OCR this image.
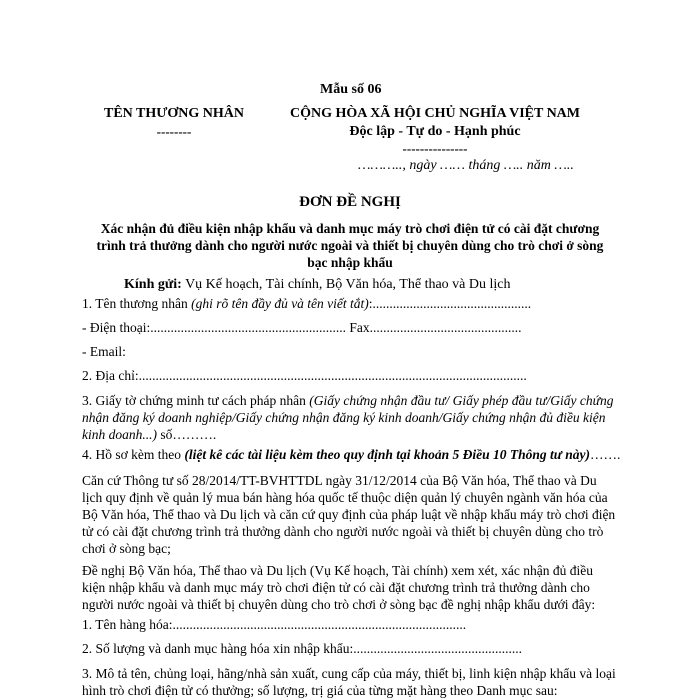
Mẫu số 06
TÊN THƯƠNG NHÂN
--------
CỘNG HÒA XÃ HỘI CHỦ NGHĨA VIỆT NAM
Độc lập - Tự do - Hạnh phúc
---------------
……….., ngày …… tháng ….. năm …..
ĐƠN ĐỀ NGHỊ
Xác nhận đủ điều kiện nhập khẩu và danh mục máy trò chơi điện tử có cài đặt chương trình trả thưởng dành cho người nước ngoài và thiết bị chuyên dùng cho trò chơi ở sòng bạc nhập khẩu
Kính gửi: Vụ Kế hoạch, Tài chính, Bộ Văn hóa, Thể thao và Du lịch
1. Tên thương nhân (ghi rõ tên đầy đủ và tên viết tắt):...............................................
- Điện thoại:.......................................................... Fax.............................................
- Email:
2. Địa chỉ:...................................................................................................................
3. Giấy tờ chứng minh tư cách pháp nhân (Giấy chứng nhận đầu tư/ Giấy phép đầu tư/Giấy chứng nhận đăng ký doanh nghiệp/Giấy chứng nhận đăng ký kinh doanh/Giấy chứng nhận đủ điều kiện kinh doanh...) số……….
4. Hồ sơ kèm theo (liệt kê các tài liệu kèm theo quy định tại khoản 5 Điều 10 Thông tư này)…….
Căn cứ Thông tư số 28/2014/TT-BVHTTDL ngày 31/12/2014 của Bộ Văn hóa, Thể thao và Du lịch quy định về quản lý mua bán hàng hóa quốc tế thuộc diện quản lý chuyên ngành văn hóa của Bộ Văn hóa, Thể thao và Du lịch và căn cứ quy định của pháp luật về nhập khẩu máy trò chơi điện tử có cài đặt chương trình trả thưởng dành cho người nước ngoài và thiết bị chuyên dùng cho trò chơi ở sòng bạc;
Đề nghị Bộ Văn hóa, Thể thao và Du lịch (Vụ Kế hoạch, Tài chính) xem xét, xác nhận đủ điều kiện nhập khẩu và danh mục máy trò chơi điện tử có cài đặt chương trình trả thưởng dành cho người nước ngoài và thiết bị chuyên dùng cho trò chơi ở sòng bạc đề nghị nhập khẩu dưới đây:
1. Tên hàng hóa:.......................................................................................
2. Số lượng và danh mục hàng hóa xin nhập khẩu:..................................................
3. Mô tả tên, chủng loại, hãng/nhà sản xuất, cung cấp của máy, thiết bị, linh kiện nhập khẩu và loại hình trò chơi điện tử có thưởng; số lượng, trị giá của từng mặt hàng theo Danh mục sau:
